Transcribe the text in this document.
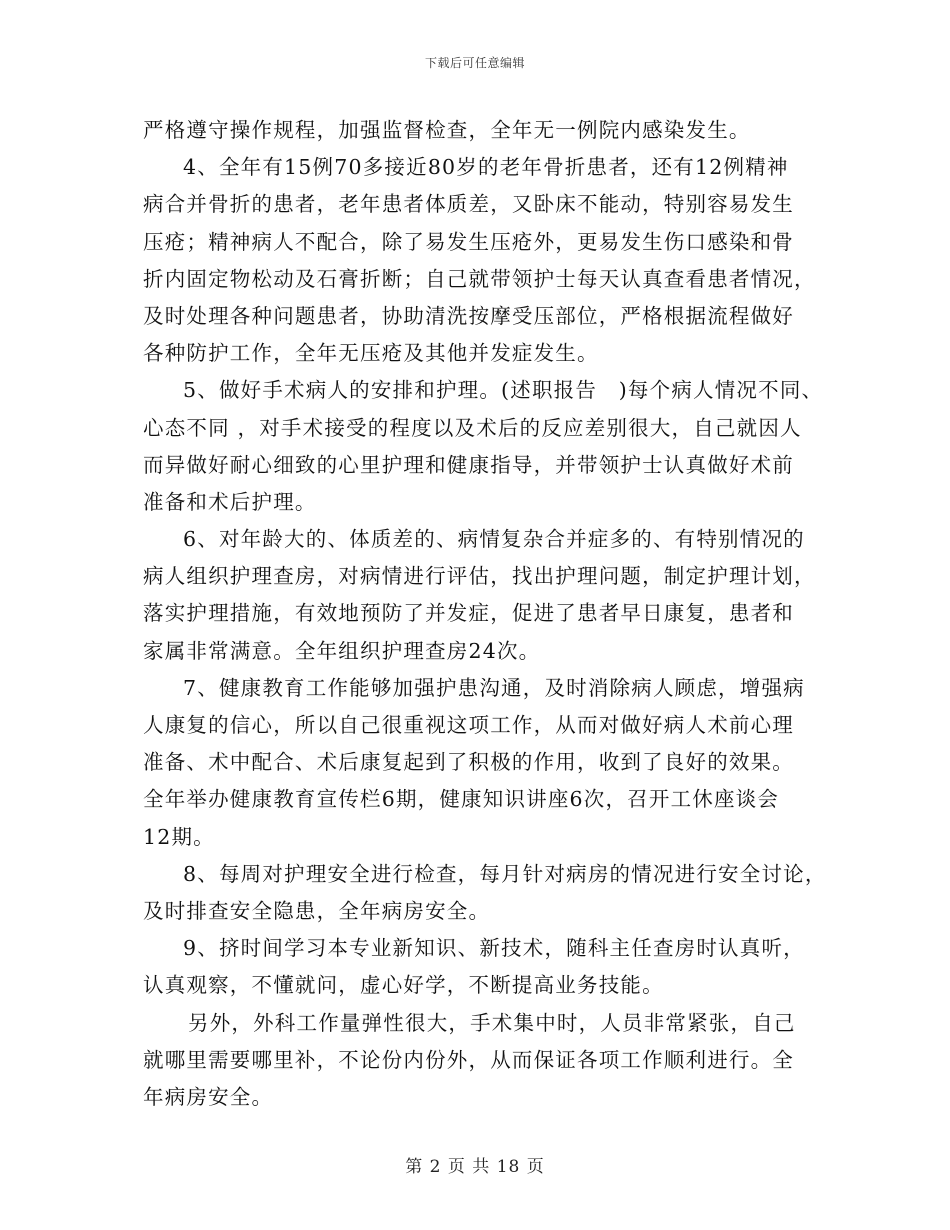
下载后可任意编辑
严格遵守操作规程，加强监督检查，全年无一例院内感染发生。
4、全年有15例70多接近80岁的老年骨折患者，还有12例精神
病合并骨折的患者，老年患者体质差，又卧床不能动，特别容易发生
压疮；精神病人不配合，除了易发生压疮外，更易发生伤口感染和骨
折内固定物松动及石膏折断；自己就带领护士每天认真查看患者情况，
及时处理各种问题患者，协助清洗按摩受压部位，严格根据流程做好
各种防护工作，全年无压疮及其他并发症发生。
5、做好手术病人的安排和护理。(述职报告　)每个病人情况不同、
心态不同 ，对手术接受的程度以及术后的反应差别很大，自己就因人
而异做好耐心细致的心里护理和健康指导，并带领护士认真做好术前
准备和术后护理。
6、对年龄大的、体质差的、病情复杂合并症多的、有特别情况的
病人组织护理查房，对病情进行评估，找出护理问题，制定护理计划，
落实护理措施，有效地预防了并发症，促进了患者早日康复，患者和
家属非常满意。全年组织护理查房24次。
7、健康教育工作能够加强护患沟通，及时消除病人顾虑，增强病
人康复的信心，所以自己很重视这项工作，从而对做好病人术前心理
准备、术中配合、术后康复起到了积极的作用，收到了良好的效果。
全年举办健康教育宣传栏6期，健康知识讲座6次，召开工休座谈会
12期。
8、每周对护理安全进行检查，每月针对病房的情况进行安全讨论，
及时排查安全隐患，全年病房安全。
9、挤时间学习本专业新知识、新技术，随科主任查房时认真听，
认真观察，不懂就问，虚心好学，不断提高业务技能。
另外，外科工作量弹性很大，手术集中时，人员非常紧张，自己
就哪里需要哪里补，不论份内份外，从而保证各项工作顺利进行。全
年病房安全。
第 2 页 共 18 页
